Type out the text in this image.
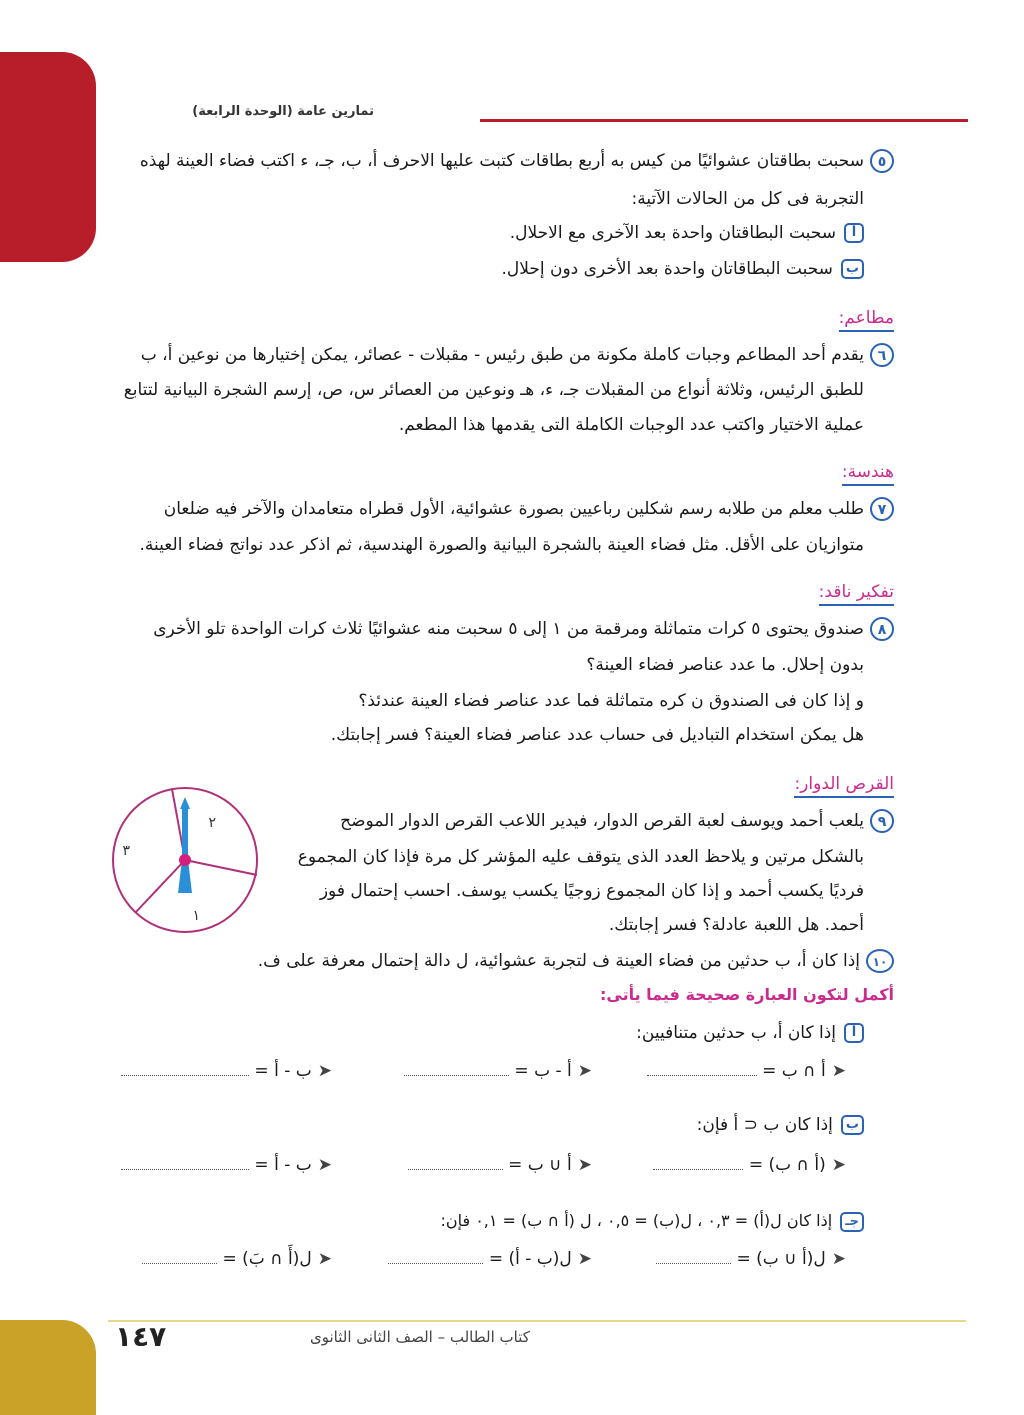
تمارين عامة (الوحدة الرابعة)
٥سحبت بطاقتان عشوائيًا من كيس به أربع بطاقات كتبت عليها الاحرف أ، ب، جـ، ء اكتب فضاء العينة لهذه
التجربة فى كل من الحالات الآتية:
أسحبت البطاقتان واحدة بعد الآخرى مع الاحلال.
بسحبت البطاقاتان واحدة بعد الأخرى دون إحلال.
مطاعم:
٦يقدم أحد المطاعم وجبات كاملة مكونة من طبق رئيس - مقبلات - عصائر، يمكن إختيارها من نوعين أ، ب
للطبق الرئيس، وثلاثة أنواع من المقبلات جـ، ء، هـ ونوعين من العصائر س، ص، إرسم الشجرة البيانية لتتابع
عملية الاختيار واكتب عدد الوجبات الكاملة التى يقدمها هذا المطعم.
هندسة:
٧طلب معلم من طلابه رسم شكلين رباعيين بصورة عشوائية، الأول قطراه متعامدان والآخر فيه ضلعان
متوازيان على الأقل. مثل فضاء العينة بالشجرة البيانية والصورة الهندسية، ثم اذكر عدد نواتج فضاء العينة.
تفكير ناقد:
٨صندوق يحتوى ٥ كرات متماثلة ومرقمة من ١ إلى ٥ سحبت منه عشوائيًا ثلاث كرات الواحدة تلو الأخرى
بدون إحلال. ما عدد عناصر فضاء العينة؟
و إذا كان فى الصندوق ن كره متماثلة فما عدد عناصر فضاء العينة عندئذ؟
هل يمكن استخدام التباديل فى حساب عدد عناصر فضاء العينة؟ فسر إجابتك.
القرص الدوار:
٩يلعب أحمد ويوسف لعبة القرص الدوار، فيدير اللاعب القرص الدوار الموضح
بالشكل مرتين و يلاحظ العدد الذى يتوقف عليه المؤشر كل مرة فإذا كان المجموع
فرديًا يكسب أحمد و إذا كان المجموع زوجيًا يكسب يوسف. احسب إحتمال فوز
أحمد. هل اللعبة عادلة؟ فسر إجابتك.
٢
٣
١
١٠إذا كان أ، ب حدثين من فضاء العينة ف لتجربة عشوائية، ل دالة إحتمال معرفة على ف.
أكمل لتكون العبارة صحيحة فيما يأتى:
أإذا كان أ، ب حدثين متنافيين:
➤أ ∩ ب =
➤أ - ب =
➤ب - أ =
بإذا كان ب ⊂ أ فإن:
➤(أ ∩ ب) =
➤أ ∪ ب =
➤ب - أ =
جـإذا كان ل(أ) = ٠,٣ ، ل(ب) = ٠,٥ ، ل (أ ∩ ب) = ٠,١ فإن:
➤ل(أ ∪ ب) =
➤ل(ب - أ) =
➤ل(أَ ∩ بَ) =
١٤٧	كتاب الطالب – الصف الثانى الثانوى
